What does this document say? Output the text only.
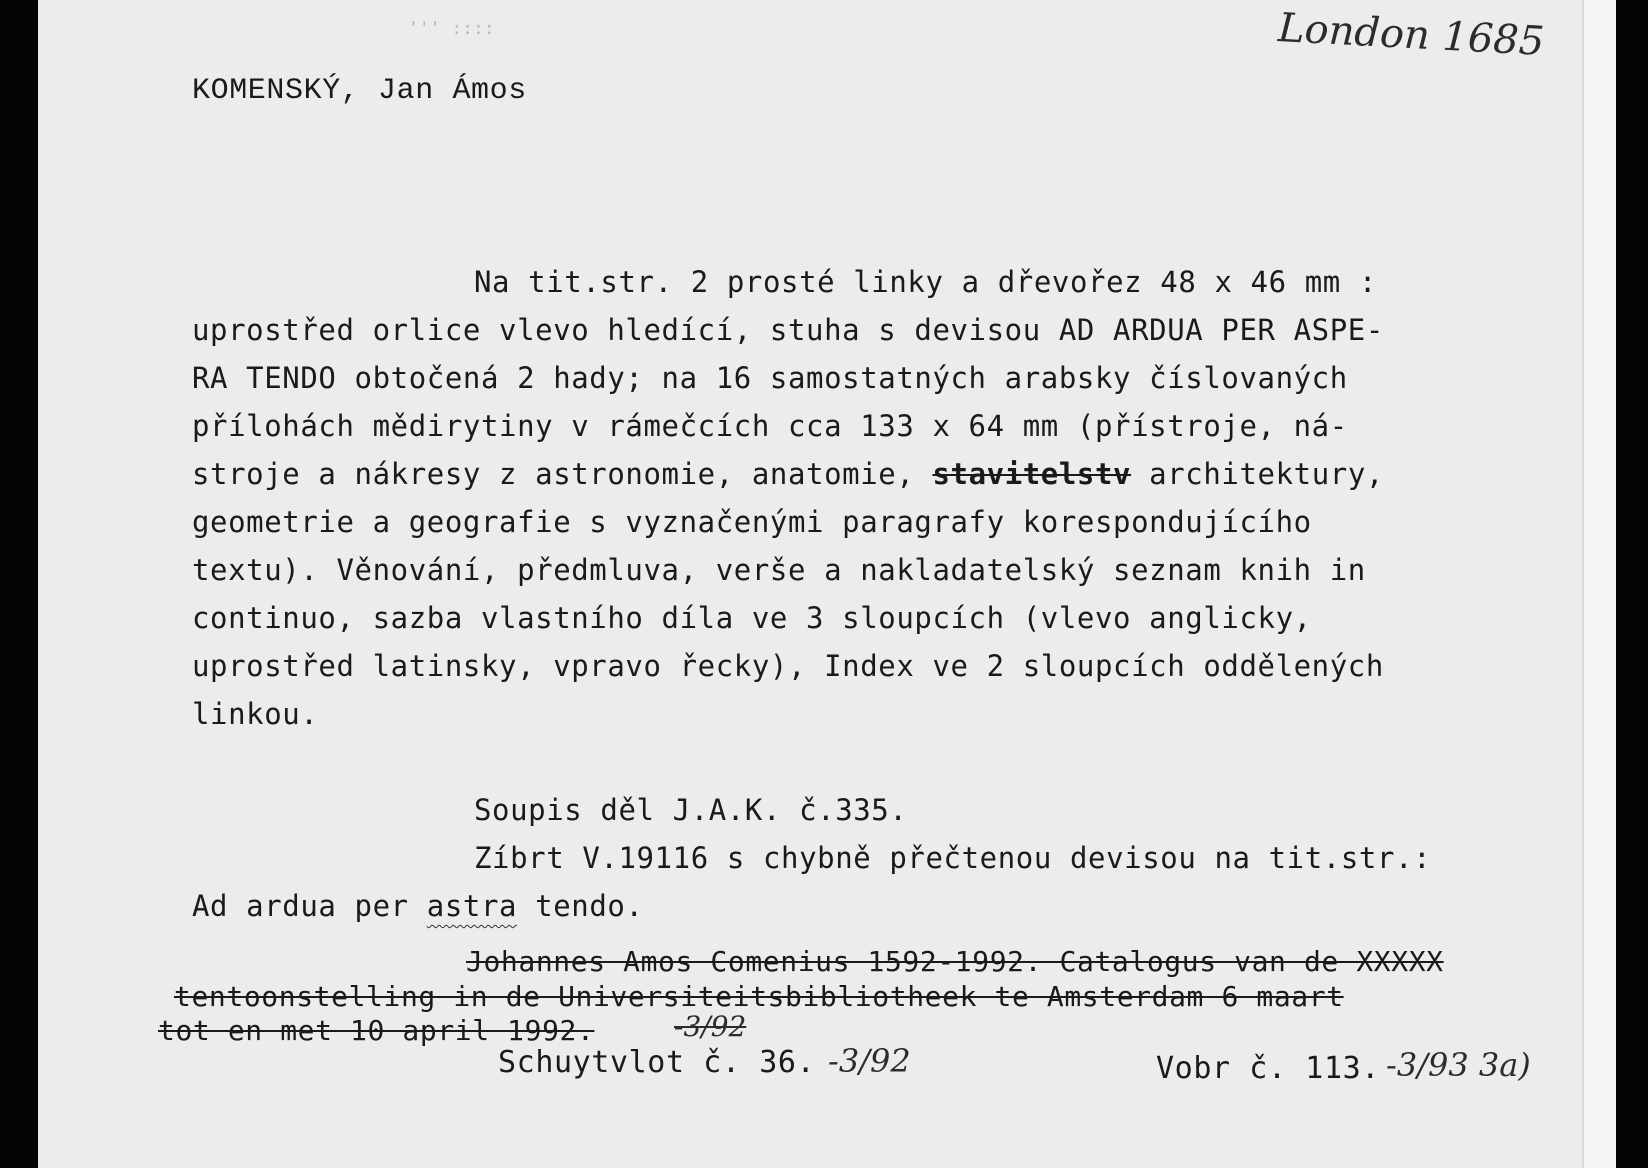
''' ::::	London 1685
KOMENSKÝ, Jan Ámos
Na tit.str. 2 prosté linky a dřevořez 48 x 46 mm :
uprostřed orlice vlevo hledící, stuha s devisou AD ARDUA PER ASPE-
RA TENDO obtočená 2 hady; na 16 samostatných arabsky číslovaných
přílohách mědirytiny v rámečcích cca 133 x 64 mm (přístroje, ná-
stroje a nákresy z astronomie, anatomie, stavitelstv architektury,
geometrie a geografie s vyznačenými paragrafy korespondujícího
textu). Věnování, předmluva, verše a nakladatelský seznam knih in
continuo, sazba vlastního díla ve 3 sloupcích (vlevo anglicky,
uprostřed latinsky, vpravo řecky), Index ve 2 sloupcích oddělených
linkou.
Soupis děl J.A.K. č.335.
Zíbrt V.19116 s chybně přečtenou devisou na tit.str.:
Ad ardua per astra tendo.
Johannes Amos Comenius 1592-1992. Catalogus van de XXXXX
tentoonstelling in de Universiteitsbibliotheek te Amsterdam 6 maart
tot en met 10 april 1992.	-3/92
Schuytvlot č. 36. -3/92	Vobr č. 113. -3/93 3a)
